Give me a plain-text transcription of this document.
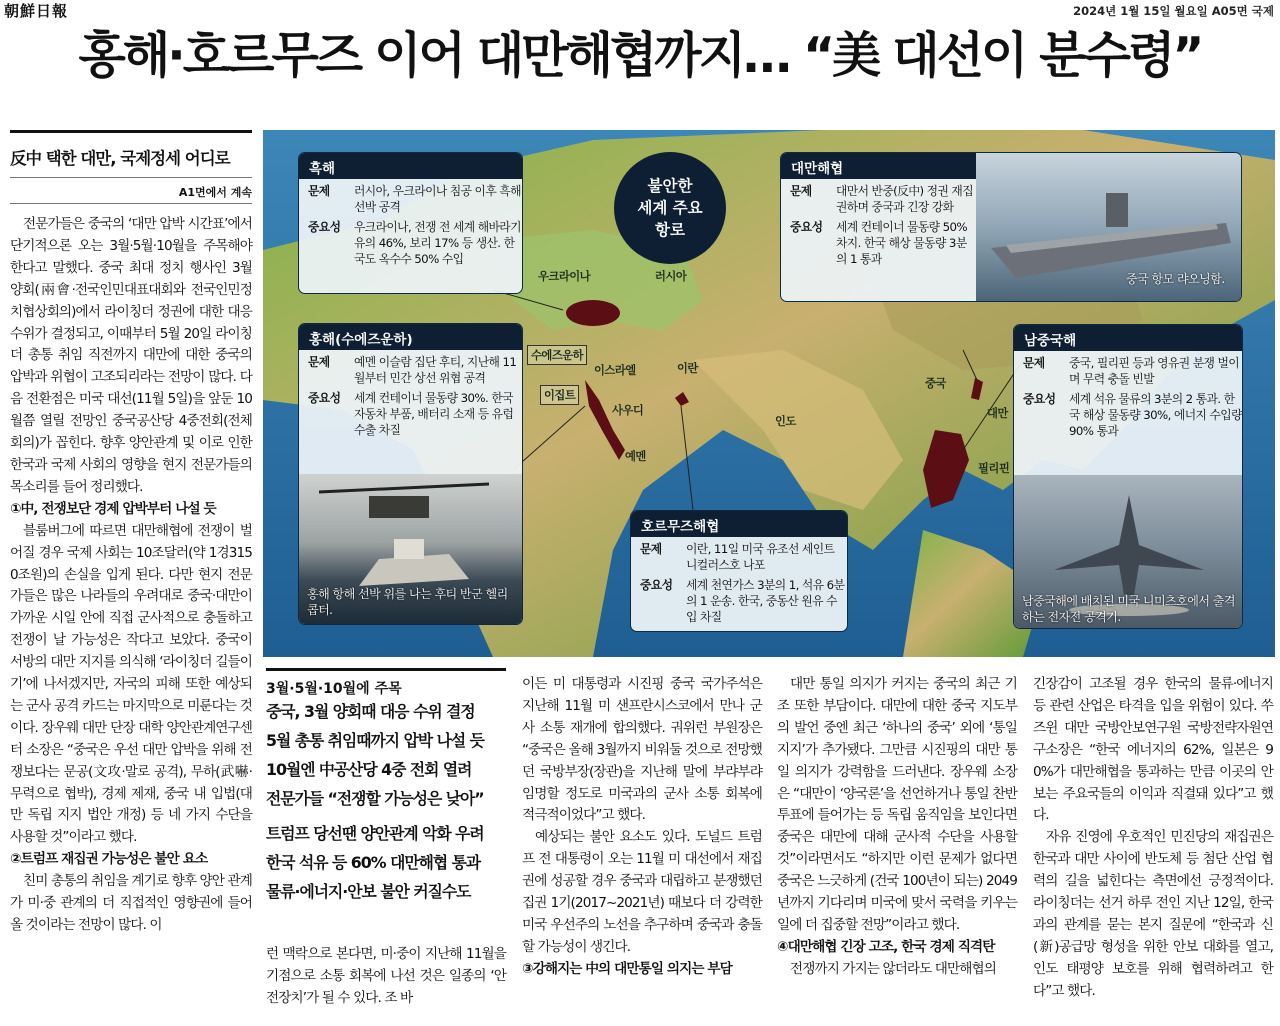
朝鮮日報	2024년 1월 15일 월요일 A05면 국제
홍해·호르무즈 이어 대만해협까지… “美 대선이 분수령”
反中 택한 대만, 국제정세 어디로
A1면에서 계속

전문가들은 중국의 ‘대만 압박 시간표’에서 단기적으론 오는 3월·5월·10월을 주목해야 한다고 말했다. 중국 최대 정치 행사인 3월 양회(兩會·전국인민대표대회와 전국인민정치협상회의)에서 라이칭더 정권에 대한 대응 수위가 결정되고, 이때부터 5월 20일 라이칭더 총통 취임 직전까지 대만에 대한 중국의 압박과 위협이 고조되리라는 전망이 많다. 다음 전환점은 미국 대선(11월 5일)을 앞둔 10월쯤 열릴 전망인 중국공산당 4중전회(전체회의)가 꼽힌다. 향후 양안관계 및 이로 인한 한국과 국제 사회의 영향을 현지 전문가들의 목소리를 들어 정리했다.

①中, 전쟁보단 경제 압박부터 나설 듯

블룸버그에 따르면 대만해협에 전쟁이 벌어질 경우 국제 사회는 10조달러(약 1경3150조원)의 손실을 입게 된다. 다만 현지 전문가들은 많은 나라들의 우려대로 중국·대만이 가까운 시일 안에 직접 군사적으로 충돌하고 전쟁이 날 가능성은 작다고 보았다. 중국이 서방의 대만 지지를 의식해 ‘라이칭더 길들이기’에 나서겠지만, 자국의 피해 또한 예상되는 군사 공격 카드는 마지막으로 미룬다는 것이다. 장우웨 대만 단장 대학 양안관계연구센터 소장은 “중국은 우선 대만 압박을 위해 전쟁보다는 문공(文攻·말로 공격), 무하(武嚇·무력으로 협박), 경제 제재, 중국 내 입법(대만 독립 지지 법안 개정) 등 네 가지 수단을 사용할 것”이라고 했다.

②트럼프 재집권 가능성은 불안 요소

친미 총통의 취임을 계기로 향후 양안 관계가 미·중 관계의 더 직접적인 영향권에 들어올 것이라는 전망이 많다. 이

불안한
세계 주요
항로
우크라이나	러시아
수에즈운하
이스라엘
이집트
사우디
이란
예멘
인도
중국
대만
필리핀
흑해
문제 러시아, 우크라이나 침공 이후 흑해 선박 공격
중요성 우크라이나, 전쟁 전 세계 해바라기유의 46%, 보리 17% 등 생산. 한국도 옥수수 50% 수입
홍해(수에즈운하)
문제 예멘 이슬람 집단 후티, 지난해 11월부터 민간 상선 위협 공격
중요성 세계 컨테이너 물동량 30%. 한국 자동차 부품, 배터리 소재 등 유럽 수출 차질
홍해 항해 선박 위를 나는 후티 반군 헬리콥터.
대만해협
문제 대만서 반중(反中) 정권 재집권하며 중국과 긴장 강화
중요성 세계 컨테이너 물동량 50% 차지. 한국 해상 물동량 3분의 1 통과
중국 항모 랴오닝함.
남중국해
문제 중국, 필리핀 등과 영유권 분쟁 벌이며 무력 충돌 빈발
중요성 세계 석유 물류의 3분의 2 통과. 한국 해상 물동량 30%, 에너지 수입량 90% 통과
남중국해에 배치된 미국 니미츠호에서 출격하는 전자전 공격기.
호르무즈해협
문제 이란, 11일 미국 유조선 세인트 니컬러스호 나포
중요성 세계 천연가스 3분의 1, 석유 6분의 1 운송. 한국, 중동산 원유 수입 차질
3월·5월·10월에 주목
중국, 3월 양회때 대응 수위 결정
5월 총통 취임때까지 압박 나설 듯
10월엔 中공산당 4중 전회 열려
전문가들 “전쟁할 가능성은 낮아”
트럼프 당선땐 양안관계 악화 우려
한국 석유 등 60% 대만해협 통과
물류·에너지·안보 불안 커질수도

런 맥락으로 본다면, 미·중이 지난해 11월을 기점으로 소통 회복에 나선 것은 일종의 ‘안전장치’가 될 수 있다. 조 바

이든 미 대통령과 시진핑 중국 국가주석은 지난해 11월 미 샌프란시스코에서 만나 군사 소통 재개에 합의했다. 궈위런 부원장은 “중국은 올해 3월까지 비워둘 것으로 전망했던 국방부장(장관)을 지난해 말에 부랴부랴 임명할 정도로 미국과의 군사 소통 회복에 적극적이었다”고 했다.

예상되는 불안 요소도 있다. 도널드 트럼프 전 대통령이 오는 11월 미 대선에서 재집권에 성공할 경우 중국과 대립하고 분쟁했던 집권 1기(2017~2021년) 때보다 더 강력한 미국 우선주의 노선을 추구하며 중국과 충돌할 가능성이 생긴다.

③강해지는 中의 대만통일 의지는 부담

대만 통일 의지가 커지는 중국의 최근 기조 또한 부담이다. 대만에 대한 중국 지도부의 발언 중엔 최근 ‘하나의 중국’ 외에 ‘통일 지지’가 추가됐다. 그만큼 시진핑의 대만 통일 의지가 강력함을 드러낸다. 장우웨 소장은 “대만이 ‘양국론’을 선언하거나 통일 찬반 투표에 들어가는 등 독립 움직임을 보인다면 중국은 대만에 대해 군사적 수단을 사용할 것”이라면서도 “하지만 이런 문제가 없다면 중국은 느긋하게 (건국 100년이 되는) 2049년까지 기다리며 미국에 맞서 국력을 키우는 일에 더 집중할 전망”이라고 했다.

④대만해협 긴장 고조, 한국 경제 직격탄

전쟁까지 가지는 않더라도 대만해협의

긴장감이 고조될 경우 한국의 물류·에너지 등 관련 산업은 타격을 입을 위험이 있다. 쑤즈윈 대만 국방안보연구원 국방전략자원연구소장은 “한국 에너지의 62%, 일본은 90%가 대만해협을 통과하는 만큼 이곳의 안보는 주요국들의 이익과 직결돼 있다”고 했다.

자유 진영에 우호적인 민진당의 재집권은 한국과 대만 사이에 반도체 등 첨단 산업 협력의 길을 넓힌다는 측면에선 긍정적이다. 라이칭더는 선거 하루 전인 지난 12일, 한국과의 관계를 묻는 본지 질문에 “한국과 신(新)공급망 형성을 위한 안보 대화를 열고, 인도 태평양 보호를 위해 협력하려고 한다”고 했다.
